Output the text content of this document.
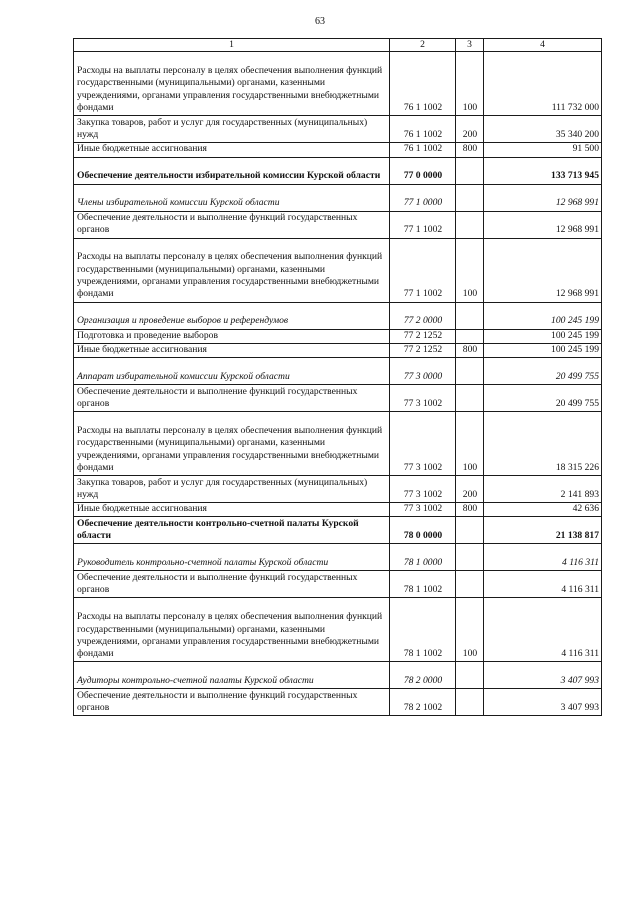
63
1	2	3	4
Расходы на выплаты персоналу в целях обеспечения выполнения функций государственными (муниципальными) органами, казенными учреждениями, органами управления государственными внебюджетными фондами	76 1 1002	100	111 732 000
Закупка товаров, работ и услуг для государственных (муниципальных) нужд	76 1 1002	200	35 340 200
Иные бюджетные ассигнования	76 1 1002	800	91 500
Обеспечение деятельности избирательной комиссии Курской области	77 0 0000		133 713 945
Члены избирательной комиссии Курской области	77 1 0000		12 968 991
Обеспечение деятельности и выполнение функций государственных органов	77 1 1002		12 968 991
Расходы на выплаты персоналу в целях обеспечения выполнения функций государственными (муниципальными) органами, казенными учреждениями, органами управления государственными внебюджетными фондами	77 1 1002	100	12 968 991
Организация и проведение выборов и референдумов	77 2 0000		100 245 199
Подготовка и проведение выборов	77 2 1252		100 245 199
Иные бюджетные ассигнования	77 2 1252	800	100 245 199
Аппарат избирательной комиссии Курской области	77 3 0000		20 499 755
Обеспечение деятельности и выполнение функций государственных органов	77 3 1002		20 499 755
Расходы на выплаты персоналу в целях обеспечения выполнения функций государственными (муниципальными) органами, казенными учреждениями, органами управления государственными внебюджетными фондами	77 3 1002	100	18 315 226
Закупка товаров, работ и услуг для государственных (муниципальных) нужд	77 3 1002	200	2 141 893
Иные бюджетные ассигнования	77 3 1002	800	42 636
Обеспечение деятельности контрольно-счетной палаты Курской области	78 0 0000		21 138 817
Руководитель контрольно-счетной палаты Курской области	78 1 0000		4 116 311
Обеспечение деятельности и выполнение функций государственных органов	78 1 1002		4 116 311
Расходы на выплаты персоналу в целях обеспечения выполнения функций государственными (муниципальными) органами, казенными учреждениями, органами управления государственными внебюджетными фондами	78 1 1002	100	4 116 311
Аудиторы контрольно-счетной палаты Курской области	78 2 0000		3 407 993
Обеспечение деятельности и выполнение функций государственных органов	78 2 1002		3 407 993
